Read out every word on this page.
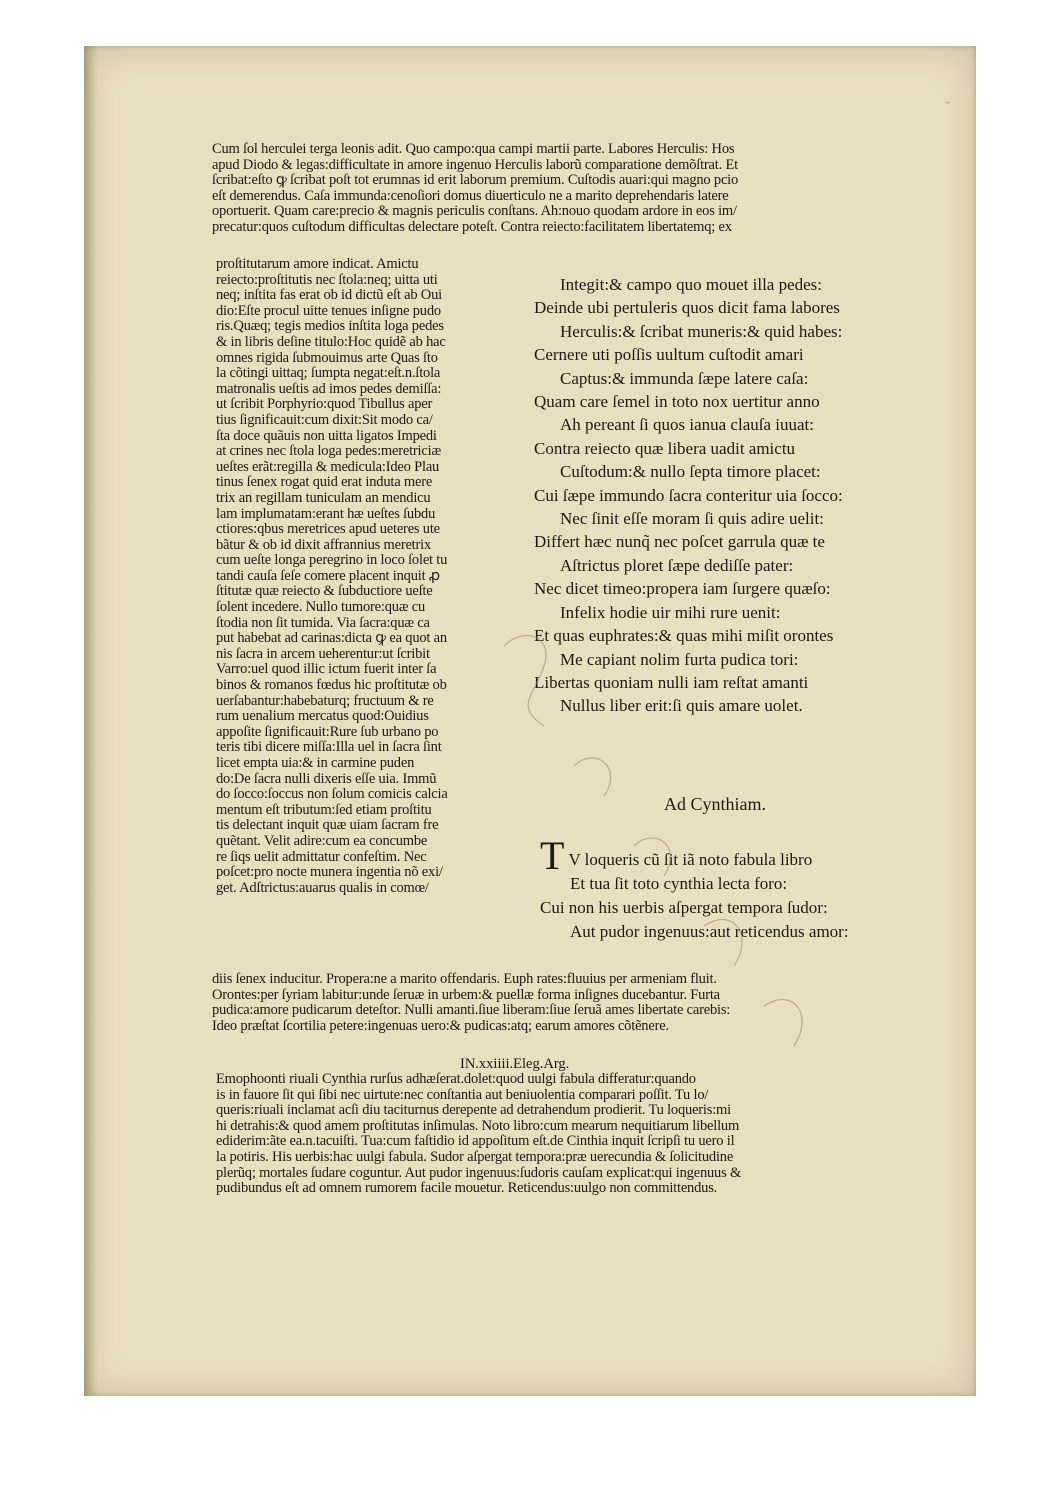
Cum ſol herculei terga leonis adit. Quo campo:qua campi martii parte. Labores Herculis: Hos
apud Diodo & legas:difficultate in amore ingenuo Herculis laborũ comparatione demõſtrat. Et
ſcribat:eſto ꝙ ſcribat poſt tot erumnas id erit laborum premium. Cuſtodis auari:qui magno pcio
eſt demerendus. Caſa immunda:cenoſiori domus diuerticulo ne a marito deprehendaris latere
oportuerit. Quam care:precio & magnis periculis conſtans. Ah:nouo quodam ardore in eos im/
precatur:quos cuſtodum difficultas delectare poteſt. Contra reiecto:facilitatem libertatemq; ex
proſtitutarum amore indicat. Amictu
reiecto:proſtitutis nec ſtola:neq; uitta uti
neq; inſtita fas erat ob id dictũ eſt ab Oui
dio:Eſte procul uitte tenues inſigne pudo
ris.Quæq; tegis medios inſtita loga pedes
& in libris deſine titulo:Hoc quidẽ ab hac
omnes rigida ſubmouimus arte Quas ſto
la cõtingi uittaq; ſumpta negat:eſt.n.ſtola
matronalis ueſtis ad imos pedes demiſſa:
ut ſcribit Porphyrio:quod Tibullus aper
tius ſignificauit:cum dixit:Sit modo ca/
ſta doce quãuis non uitta ligatos Impedi
at crines nec ſtola loga pedes:meretriciæ
ueſtes erãt:regilla & medicula:Ideo Plau
tinus ſenex rogat quid erat induta mere
trix an regillam tuniculam an mendicu
lam implumatam:erant hæ ueſtes ſubdu
ctiores:qbus meretrices apud ueteres ute
bãtur & ob id dixit affrannius meretrix
cum ueſte longa peregrino in loco ſolet tu
tandi cauſa ſeſe comere placent inquit ꝓ
ſtitutæ quæ reiecto & ſubductiore ueſte
ſolent incedere. Nullo tumore:quæ cu
ſtodia non ſit tumida. Via ſacra:quæ ca
put habebat ad carinas:dicta ꝙ ea quot an
nis ſacra in arcem ueherentur:ut ſcribit
Varro:uel quod illic ictum fuerit inter ſa
binos & romanos fœdus hic proſtitutæ ob
uerſabantur:habebaturq; fructuum & re
rum uenalium mercatus quod:Ouidius
appoſite ſignificauit:Rure ſub urbano po
teris tibi dicere miſſa:Illa uel in ſacra ſint
licet empta uia:& in carmine puden
do:De ſacra nulli dixeris eſſe uia. Immũ
do ſocco:ſoccus non ſolum comicis calcia
mentum eſt tributum:ſed etiam proſtitu
tis delectant inquit quæ uiam ſacram fre
quẽtant. Velit adire:cum ea concumbe
re ſiqs uelit admittatur confeſtim. Nec
poſcet:pro nocte munera ingentia nõ exi/
get. Adſtrictus:auarus qualis in comœ/
Integit:& campo quo mouet illa pedes:
Deinde ubi pertuleris quos dicit fama labores
Herculis:& ſcribat muneris:& quid habes:
Cernere uti poſſis uultum cuſtodit amari
Captus:& immunda ſæpe latere caſa:
Quam care ſemel in toto nox uertitur anno
Ah pereant ſi quos ianua clauſa iuuat:
Contra reiecto quæ libera uadit amictu
Cuſtodum:& nullo ſepta timore placet:
Cui ſæpe immundo ſacra conteritur uia ſocco:
Nec ſinit eſſe moram ſi quis adire uelit:
Differt hæc nunq̃ nec poſcet garrula quæ te
Aſtrictus ploret ſæpe dediſſe pater:
Nec dicet timeo:propera iam ſurgere quæſo:
Infelix hodie uir mihi rure uenit:
Et quas euphrates:& quas mihi miſit orontes
Me capiant nolim furta pudica tori:
Libertas quoniam nulli iam reſtat amanti
Nullus liber erit:ſi quis amare uolet.
Ad Cynthiam.
T V loqueris cũ ſit iã noto fabula libro
Et tua ſit toto cynthia lecta foro:
Cui non his uerbis aſpergat tempora ſudor:
Aut pudor ingenuus:aut reticendus amor:
diis ſenex inducitur. Propera:ne a marito offendaris. Euph rates:fluuius per armeniam fluit.
Orontes:per ſyriam labitur:unde ſeruæ in urbem:& puellæ forma inſignes ducebantur. Furta
pudica:amore pudicarum deteſtor. Nulli amanti.ſiue liberam:ſiue ſeruã ames libertate carebis:
Ideo præſtat ſcortilia petere:ingenuas uero:& pudicas:atq; earum amores cõtẽnere.
IN.xxiiii.Eleg.Arg.
Emophoonti riuali Cynthia rurſus adhæſerat.dolet:quod uulgi fabula differatur:quando
is in fauore ſit qui ſibi nec uirtute:nec conſtantia aut beniuolentia comparari poſſit. Tu lo/
queris:riuali inclamat acſi diu taciturnus derepente ad detrahendum prodierit. Tu loqueris:mi
hi detrahis:& quod amem proſtitutas inſimulas. Noto libro:cum mearum nequitiarum libellum
ediderim:ãte ea.n.tacuiſti. Tua:cum faſtidio id appoſitum eſt.de Cinthia inquit ſcripſi tu uero il
la potiris. His uerbis:hac uulgi fabula. Sudor aſpergat tempora:præ uerecundia & ſolicitudine
plerũq; mortales ſudare coguntur. Aut pudor ingenuus:ſudoris cauſam explicat:qui ingenuus &
pudibundus eſt ad omnem rumorem facile mouetur. Reticendus:uulgo non committendus.
ᵕ
